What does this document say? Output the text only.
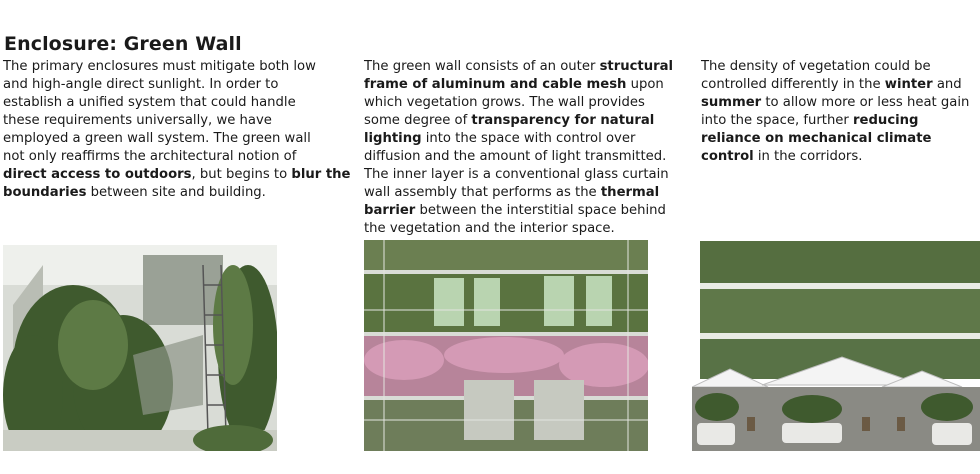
Enclosure: Green Wall
The primary enclosures must mitigate both low
and high-angle direct sunlight. In order to
establish a unified system that could handle
these requirements universally, we have
employed a green wall system. The green wall
not only reaffirms the architectural notion of
direct access to outdoors, but begins to blur the
boundaries between site and building.
The green wall consists of an outer structural
frame of aluminum and cable mesh upon
which vegetation grows. The wall provides
some degree of transparency for natural
lighting into the space with control over
diffusion and the amount of light transmitted.
The inner layer is a conventional glass curtain
wall assembly that performs as the thermal
barrier between the interstitial space behind
the vegetation and the interior space.
The density of vegetation could be
controlled differently in the winter and
summer to allow more or less heat gain
into the space, further reducing
reliance on mechanical climate
control in the corridors.
